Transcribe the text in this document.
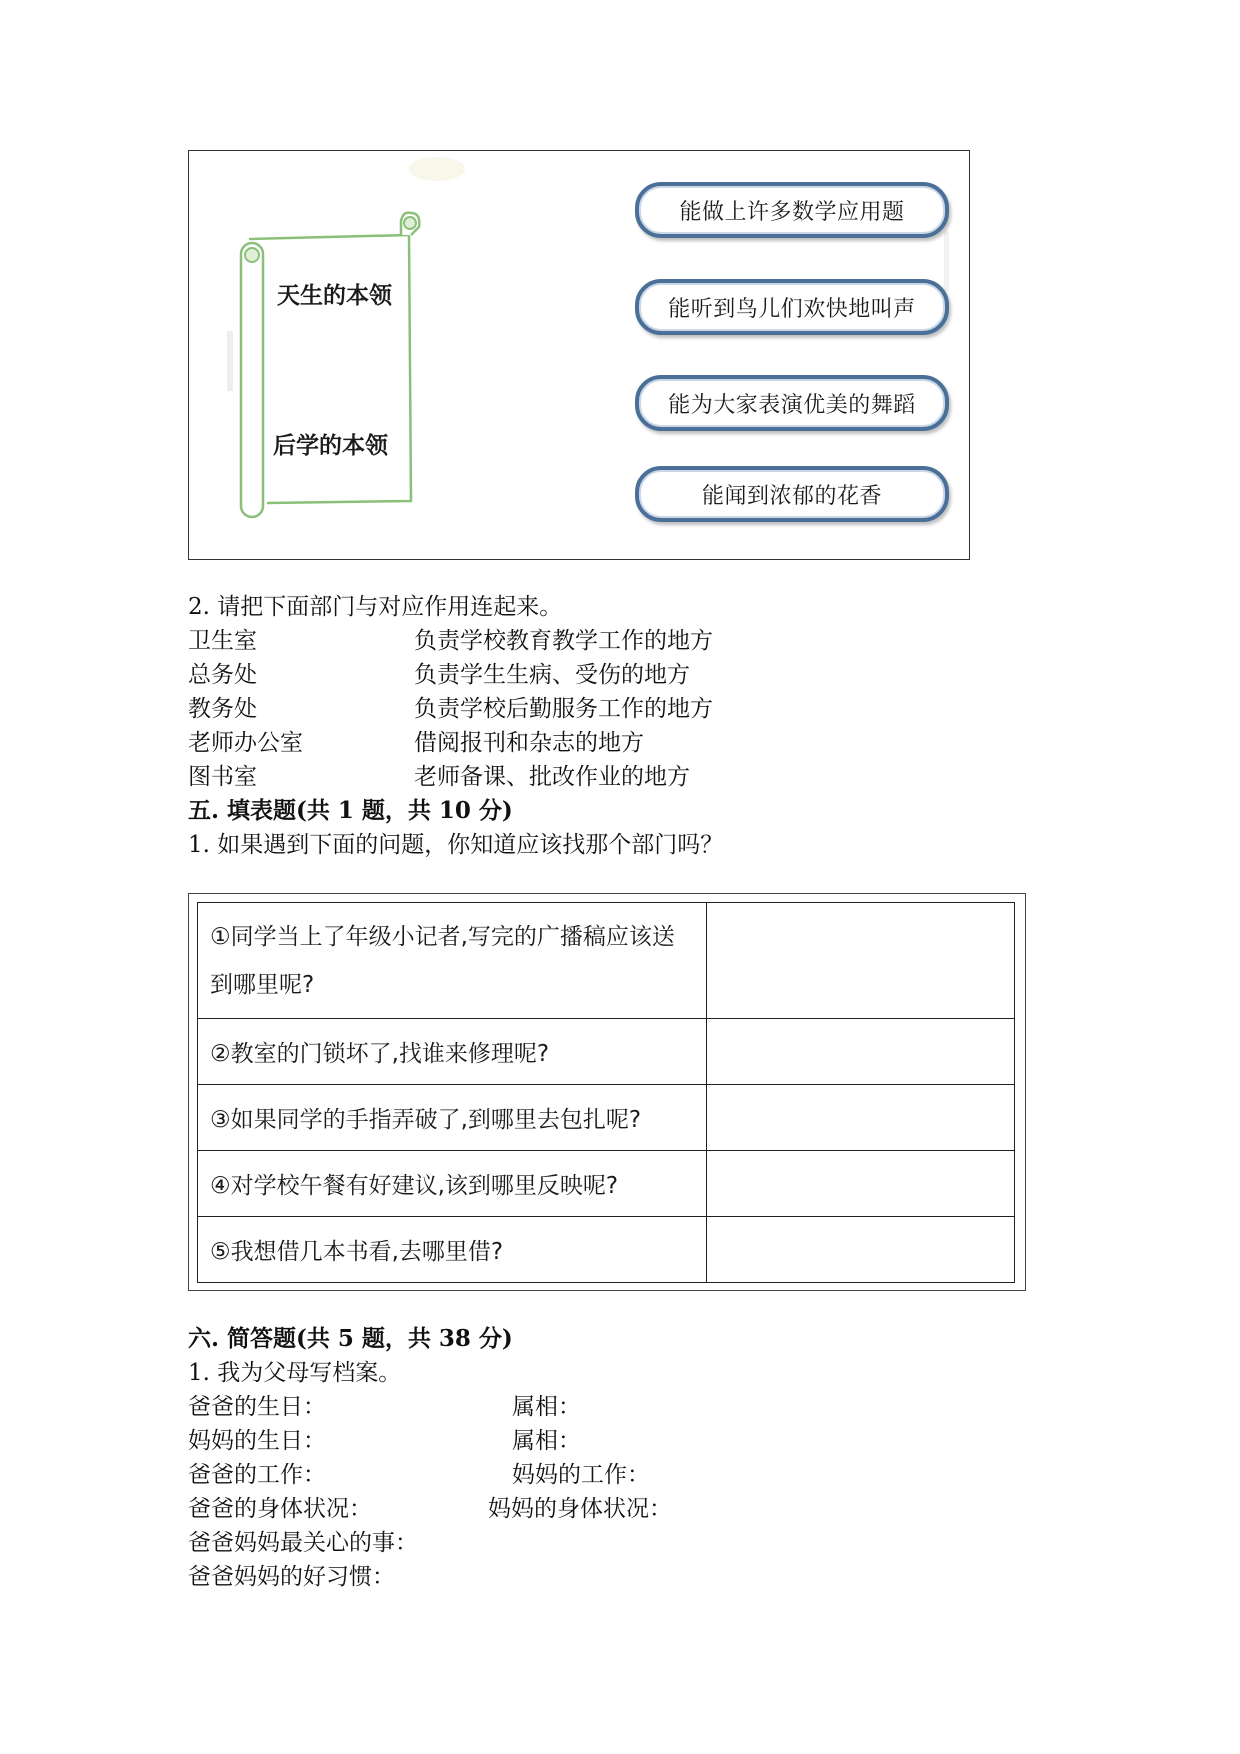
天生的本领
后学的本领
能做上许多数学应用题
能听到鸟儿们欢快地叫声
能为大家表演优美的舞蹈
能闻到浓郁的花香
2. 请把下面部门与对应作用连起来。
卫生室	负责学校教育教学工作的地方
总务处	负责学生生病、受伤的地方
教务处	负责学校后勤服务工作的地方
老师办公室	借阅报刊和杂志的地方
图书室	老师备课、批改作业的地方
五. 填表题(共 1 题，共 10 分)
1. 如果遇到下面的问题，你知道应该找那个部门吗？
①同学当上了年级小记者,写完的广播稿应该送到哪里呢?	
②教室的门锁坏了,找谁来修理呢?	
③如果同学的手指弄破了,到哪里去包扎呢?	
④对学校午餐有好建议,该到哪里反映呢?	
⑤我想借几本书看,去哪里借?	
六. 简答题(共 5 题，共 38 分)
1. 我为父母写档案。
爸爸的生日：	属相：
妈妈的生日：	属相：
爸爸的工作：	妈妈的工作：
爸爸的身体状况：	妈妈的身体状况：
爸爸妈妈最关心的事：
爸爸妈妈的好习惯：
